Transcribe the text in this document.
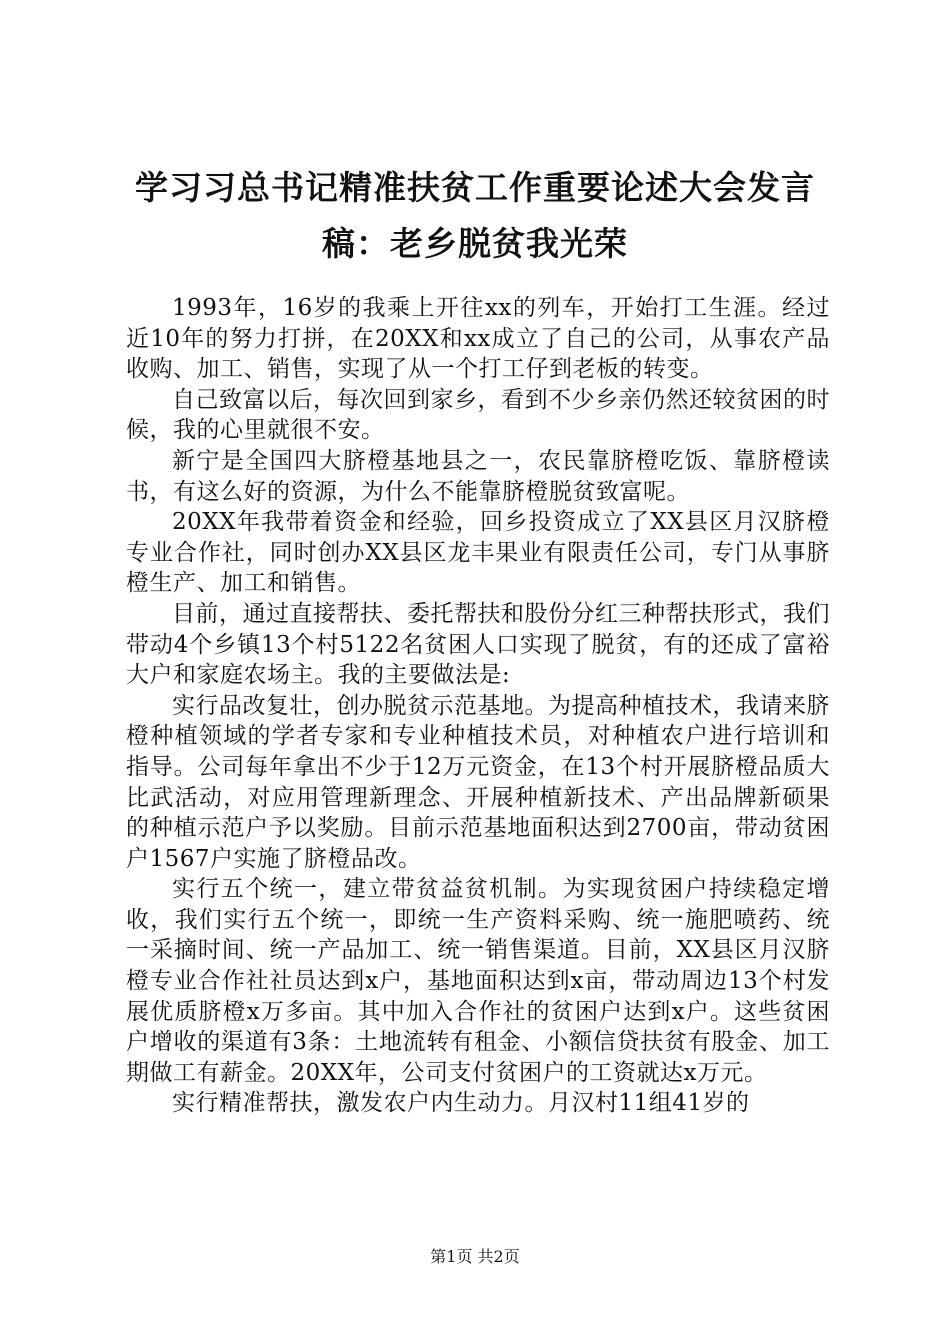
学习习总书记精准扶贫工作重要论述大会发言稿：老乡脱贫我光荣

1993年，16岁的我乘上开往xx的列车，开始打工生涯。经过近10年的努力打拼，在20XX和xx成立了自己的公司，从事农产品收购、加工、销售，实现了从一个打工仔到老板的转变。

自己致富以后，每次回到家乡，看到不少乡亲仍然还较贫困的时候，我的心里就很不安。

新宁是全国四大脐橙基地县之一，农民靠脐橙吃饭、靠脐橙读书，有这么好的资源，为什么不能靠脐橙脱贫致富呢。

20XX年我带着资金和经验，回乡投资成立了XX县区月汉脐橙专业合作社，同时创办XX县区龙丰果业有限责任公司，专门从事脐橙生产、加工和销售。

目前，通过直接帮扶、委托帮扶和股份分红三种帮扶形式，我们带动4个乡镇13个村5122名贫困人口实现了脱贫，有的还成了富裕大户和家庭农场主。我的主要做法是:

实行品改复壮，创办脱贫示范基地。为提高种植技术，我请来脐橙种植领域的学者专家和专业种植技术员，对种植农户进行培训和指导。公司每年拿出不少于12万元资金，在13个村开展脐橙品质大比武活动，对应用管理新理念、开展种植新技术、产出品牌新硕果的种植示范户予以奖励。目前示范基地面积达到2700亩，带动贫困户1567户实施了脐橙品改。

实行五个统一，建立带贫益贫机制。为实现贫困户持续稳定增收，我们实行五个统一，即统一生产资料采购、统一施肥喷药、统一采摘时间、统一产品加工、统一销售渠道。目前，XX县区月汉脐橙专业合作社社员达到x户，基地面积达到x亩，带动周边13个村发展优质脐橙x万多亩。其中加入合作社的贫困户达到x户。这些贫困户增收的渠道有3条：土地流转有租金、小额信贷扶贫有股金、加工期做工有薪金。20XX年，公司支付贫困户的工资就达x万元。

实行精准帮扶，激发农户内生动力。月汉村11组41岁的

第1页 共2页
